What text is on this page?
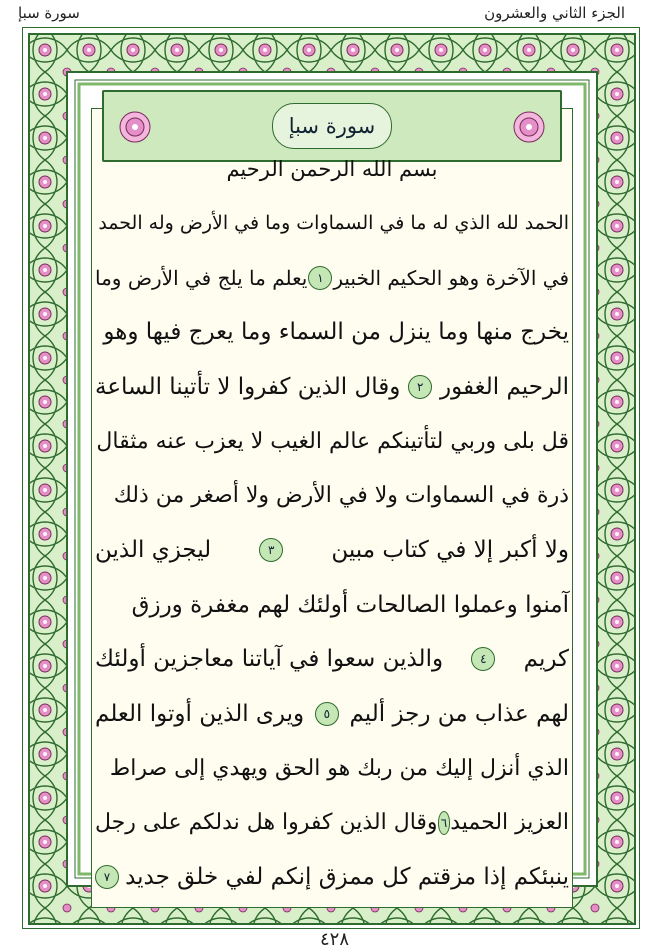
سورة سبإ	الجزء الثاني والعشرون
سورة سبإ
بسم الله الرحمن الرحيم
الحمد لله الذي له ما في السماوات وما في الأرض وله الحمد
في الآخرة وهو الحكيم الخبير
١
يعلم ما يلج في الأرض وما
يخرج منها وما ينزل من السماء وما يعرج فيها وهو
الرحيم الغفور
٢
وقال الذين كفروا لا تأتينا الساعة
قل بلى وربي لتأتينكم عالم الغيب لا يعزب عنه مثقال
ذرة في السماوات ولا في الأرض ولا أصغر من ذلك
ولا أكبر إلا في كتاب مبين
٣
ليجزي الذين
آمنوا وعملوا الصالحات أولئك لهم مغفرة ورزق
كريم
٤
والذين سعوا في آياتنا معاجزين أولئك
لهم عذاب من رجز أليم
٥
ويرى الذين أوتوا العلم
الذي أنزل إليك من ربك هو الحق ويهدي إلى صراط
العزيز الحميد
٦
وقال الذين كفروا هل ندلكم على رجل
ينبئكم إذا مزقتم كل ممزق إنكم لفي خلق جديد
٧
٤٢٨
